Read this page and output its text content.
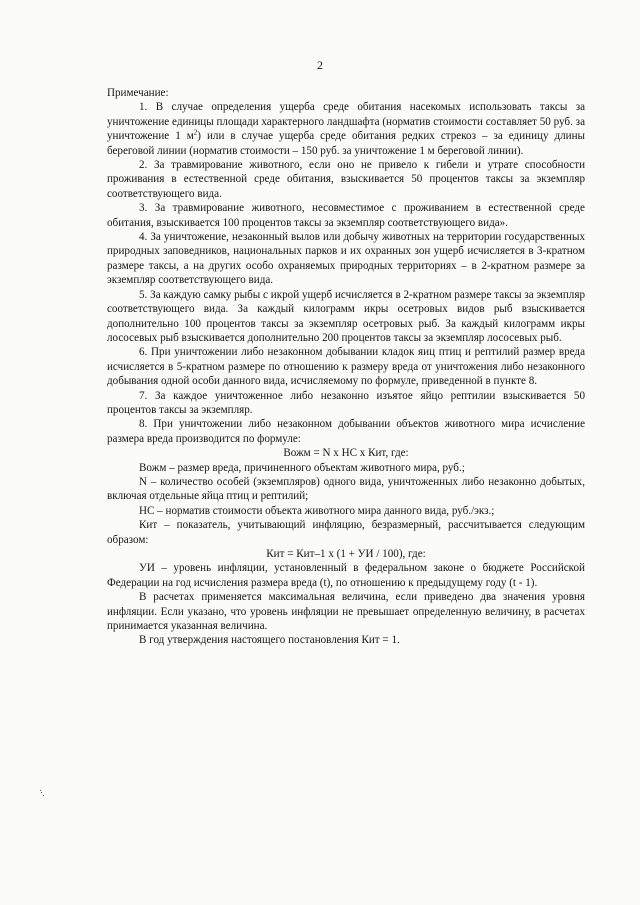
2

Примечание:

1. В случае определения ущерба среде обитания насекомых использовать таксы за уничтожение единицы площади характерного ландшафта (норматив стоимости составляет 50 руб. за уничтожение 1 $м^2$) или в случае ущерба среде обитания редких стрекоз – за единицу длины береговой линии (норматив стоимости – 150 руб. за уничтожение 1 м береговой линии).

2. За травмирование животного, если оно не привело к гибели и утрате способности проживания в естественной среде обитания, взыскивается 50 процентов таксы за экземпляр соответствующего вида.

3. За травмирование животного, несовместимое с проживанием в естественной среде обитания, взыскивается 100 процентов таксы за экземпляр соответствующего вида».

4. За уничтожение, незаконный вылов или добычу животных на территории государственных природных заповедников, национальных парков и их охранных зон ущерб исчисляется в 3-кратном размере таксы, а на других особо охраняемых природных территориях – в 2-кратном размере за экземпляр соответствующего вида.

5. За каждую самку рыбы с икрой ущерб исчисляется в 2-кратном размере таксы за экземпляр соответствующего вида. За каждый килограмм икры осетровых видов рыб взыскивается дополнительно 100 процентов таксы за экземпляр осетровых рыб. За каждый килограмм икры лососевых рыб взыскивается дополнительно 200 процентов таксы за экземпляр лососевых рыб.

6. При уничтожении либо незаконном добывании кладок яиц птиц и рептилий размер вреда исчисляется в 5-кратном размере по отношению к размеру вреда от уничтожения либо незаконного добывания одной особи данного вида, исчисляемому по формуле, приведенной в пункте 8.

7. За каждое уничтоженное либо незаконно изъятое яйцо рептилии взыскивается 50 процентов таксы за экземпляр.

8. При уничтожении либо незаконном добывании объектов животного мира исчисление размера вреда производится по формуле:

Вожм = N x НС x Кит, где:

Вожм – размер вреда, причиненного объектам животного мира, руб.;

N – количество особей (экземпляров) одного вида, уничтоженных либо незаконно добытых, включая отдельные яйца птиц и рептилий;

НС – норматив стоимости объекта животного мира данного вида, руб./экз.;

Кит – показатель, учитывающий инфляцию, безразмерный, рассчитывается следующим образом:

Кит = Кит–1 x (1 + УИ / 100), где:

УИ – уровень инфляции, установленный в федеральном законе о бюджете Российской Федерации на год исчисления размера вреда (t), по отношению к предыдущему году (t - 1).

В расчетах применяется максимальная величина, если приведено два значения уровня инфляции. Если указано, что уровень инфляции не превышает определенную величину, в расчетах принимается указанная величина.

В год утверждения настоящего постановления Кит = 1.
